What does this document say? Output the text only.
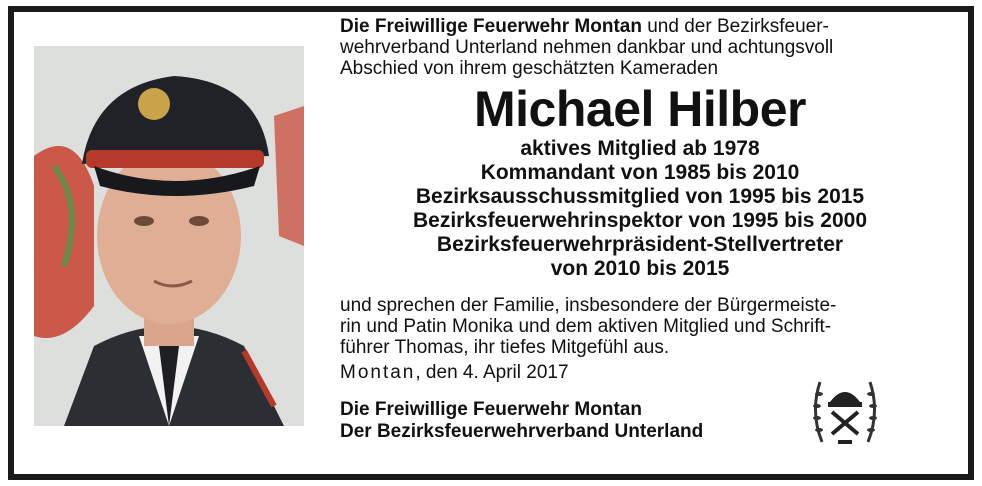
Die Freiwillige Feuerwehr Montan und der Bezirksfeuer-
wehrverband Unterland nehmen dankbar und achtungsvoll
Abschied von ihrem geschätzten Kameraden

Michael Hilber
aktives Mitglied ab 1978
Kommandant von 1985 bis 2010
Bezirksausschussmitglied von 1995 bis 2015
Bezirksfeuerwehrinspektor von 1995 bis 2000
Bezirksfeuerwehrpräsident-Stellvertreter
von 2010 bis 2015

und sprechen der Familie, insbesondere der Bürgermeiste-
rin und Patin Monika und dem aktiven Mitglied und Schrift-
führer Thomas, ihr tiefes Mitgefühl aus.

Montan, den 4. April 2017

Die Freiwillige Feuerwehr Montan
Der Bezirksfeuerwehrverband Unterland
